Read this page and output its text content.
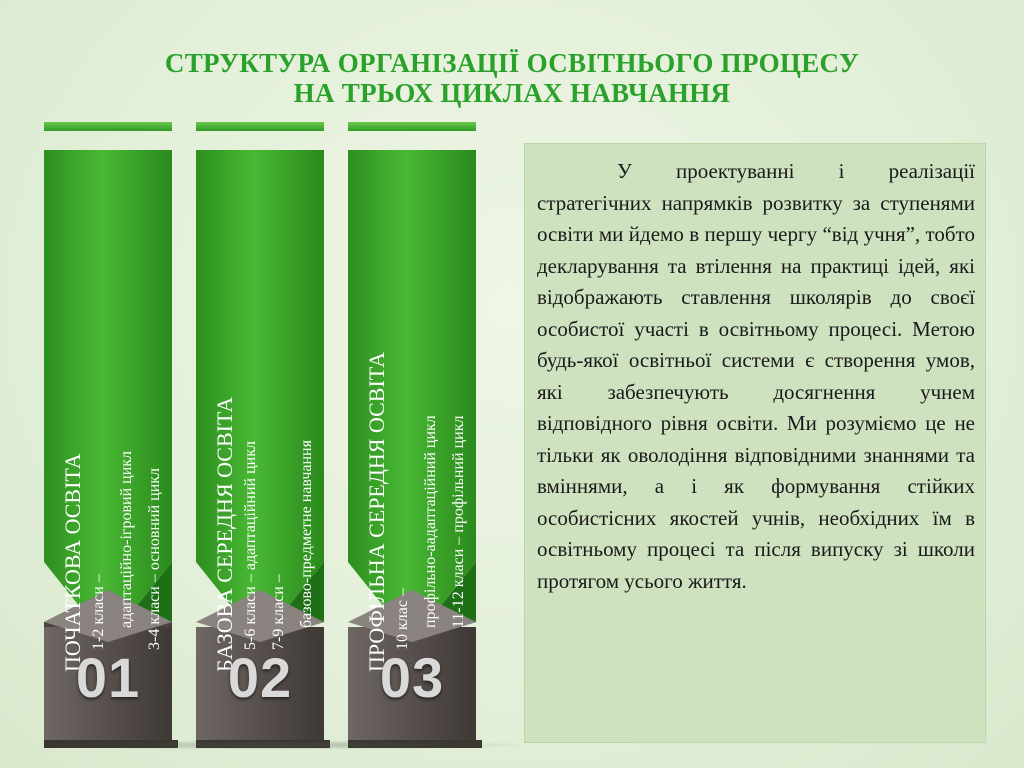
СТРУКТУРА ОРГАНІЗАЦІЇ ОСВІТНЬОГО ПРОЦЕСУ
НА ТРЬОХ ЦИКЛАХ НАВЧАННЯ
ПОЧАТКОВА ОСВІТА 1-2 класи – адаптаційно-ігровий цикл 3-4 класи – основний цикл
01
БАЗОВА СЕРЕДНЯ ОСВІТА 5-6 класи – адаптаційний цикл 7-9 класи – базово-предметне навчання
02
ПРОФІЛЬНА СЕРЕДНЯ ОСВІТА 10 клас – профільно-аадаптаційний цикл 11-12 класи – профільний цикл
03
У проектуванні і реалізації стратегічних напрямків розвитку за ступенями освіти ми йдемо в першу чергу “від учня”, тобто декларування та втілення на практиці ідей, які відображають ставлення школярів до своєї особистої участі в освітньому процесі. Метою будь-якої освітньої системи є створення умов, які забезпечують досягнення учнем відповідного рівня освіти. Ми розуміємо це не тільки як оволодіння відповідними знаннями та вміннями, а і як формування стійких особистісних якостей учнів, необхідних їм в освітньому процесі та після випуску зі школи протягом усього життя.
